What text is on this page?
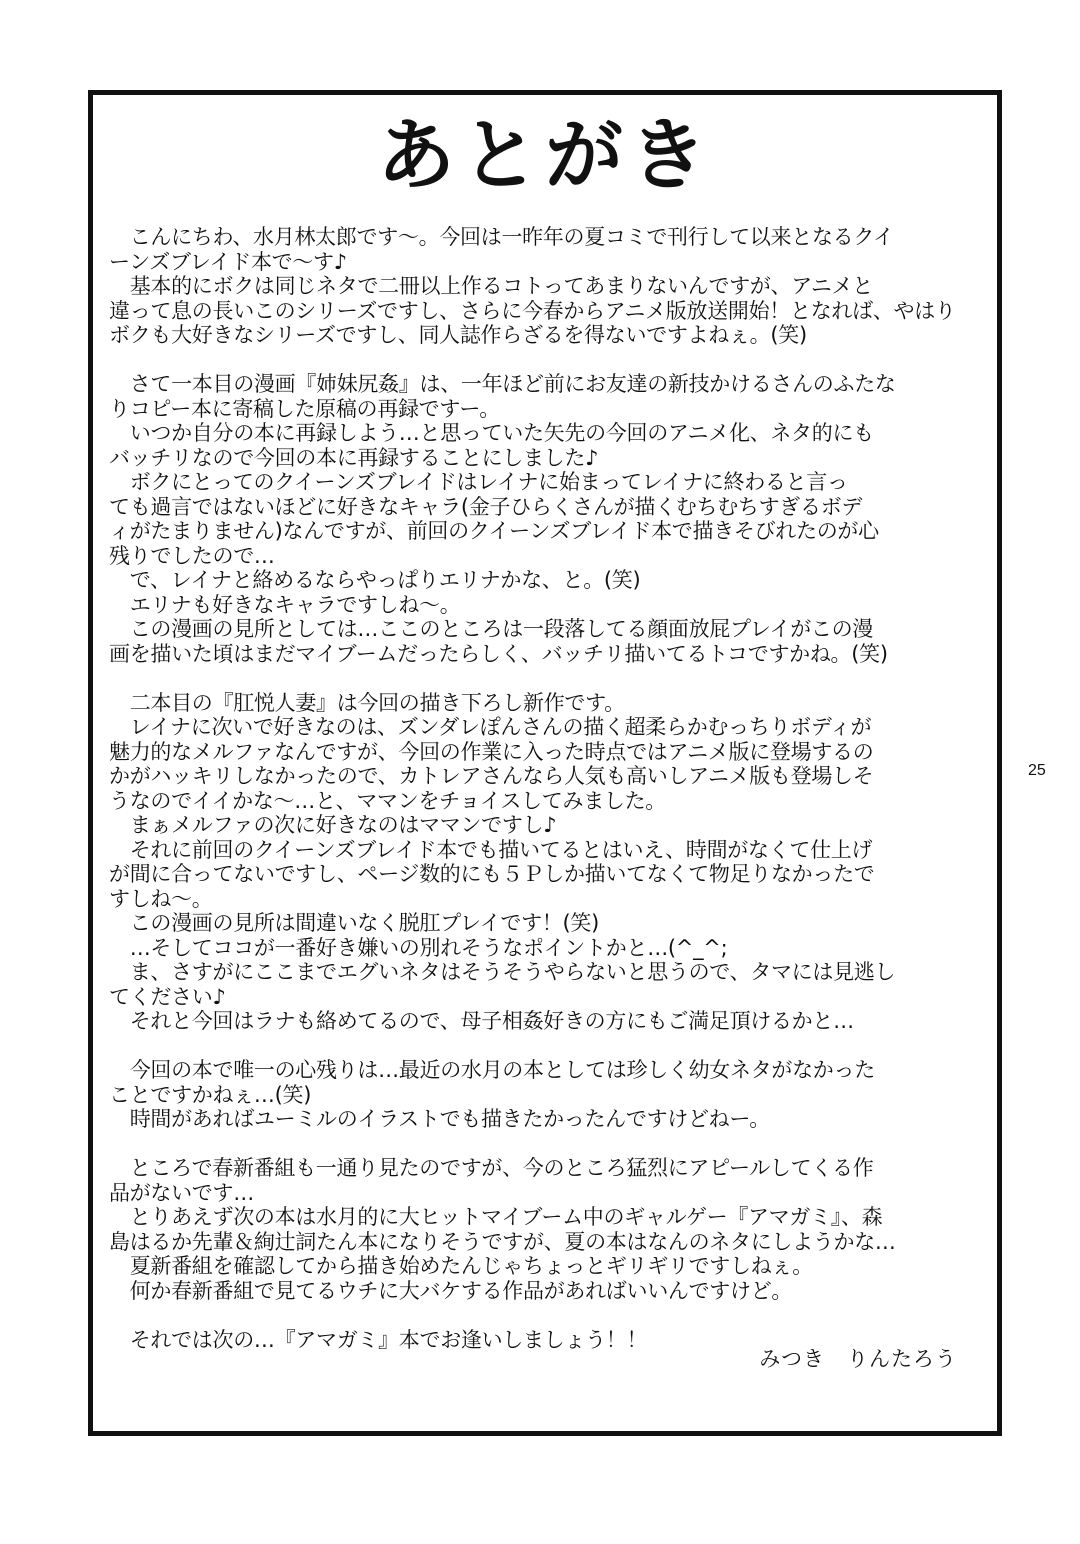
あとがき
　こんにちわ、水月林太郎です〜。今回は一昨年の夏コミで刊行して以来となるクイ
ーンズブレイド本で〜す♪
　基本的にボクは同じネタで二冊以上作るコトってあまりないんですが、アニメと
違って息の長いこのシリーズですし、さらに今春からアニメ版放送開始！となれば、やはり
ボクも大好きなシリーズですし、同人誌作らざるを得ないですよねぇ。(笑)
　さて一本目の漫画『姉妹尻姦』は、一年ほど前にお友達の新技かけるさんのふたな
りコピー本に寄稿した原稿の再録ですー。
　いつか自分の本に再録しよう…と思っていた矢先の今回のアニメ化、ネタ的にも
バッチリなので今回の本に再録することにしました♪
　ボクにとってのクイーンズブレイドはレイナに始まってレイナに終わると言っ
ても過言ではないほどに好きなキャラ(金子ひらくさんが描くむちむちすぎるボデ
ィがたまりません)なんですが、前回のクイーンズブレイド本で描きそびれたのが心
残りでしたので…
　で、レイナと絡めるならやっぱりエリナかな、と。(笑)
　エリナも好きなキャラですしね〜。
　この漫画の見所としては…ここのところは一段落してる顔面放屁プレイがこの漫
画を描いた頃はまだマイブームだったらしく、バッチリ描いてるトコですかね。(笑)
　二本目の『肛悦人妻』は今回の描き下ろし新作です。
　レイナに次いで好きなのは、ズンダレぽんさんの描く超柔らかむっちりボディが
魅力的なメルファなんですが、今回の作業に入った時点ではアニメ版に登場するの
かがハッキリしなかったので、カトレアさんなら人気も高いしアニメ版も登場しそ
うなのでイイかな〜…と、ママンをチョイスしてみました。
　まぁメルファの次に好きなのはママンですし♪
　それに前回のクイーンズブレイド本でも描いてるとはいえ、時間がなくて仕上げ
が間に合ってないですし、ページ数的にも５Ｐしか描いてなくて物足りなかったで
すしね〜。
　この漫画の見所は間違いなく脱肛プレイです！(笑)
　…そしてココが一番好き嫌いの別れそうなポイントかと…(^_^;
　ま、さすがにここまでエグいネタはそうそうやらないと思うので、タマには見逃し
てください♪
　それと今回はラナも絡めてるので、母子相姦好きの方にもご満足頂けるかと…
　今回の本で唯一の心残りは…最近の水月の本としては珍しく幼女ネタがなかった
ことですかねぇ…(笑)
　時間があればユーミルのイラストでも描きたかったんですけどねー。
　ところで春新番組も一通り見たのですが、今のところ猛烈にアピールしてくる作
品がないです…
　とりあえず次の本は水月的に大ヒットマイブーム中のギャルゲー『アマガミ』、森
島はるか先輩＆絢辻詞たん本になりそうですが、夏の本はなんのネタにしようかな…
　夏新番組を確認してから描き始めたんじゃちょっとギリギリですしねぇ。
　何か春新番組で見てるウチに大バケする作品があればいいんですけど。
　それでは次の…『アマガミ』本でお逢いしましょう！！
みつき　りんたろう
25
